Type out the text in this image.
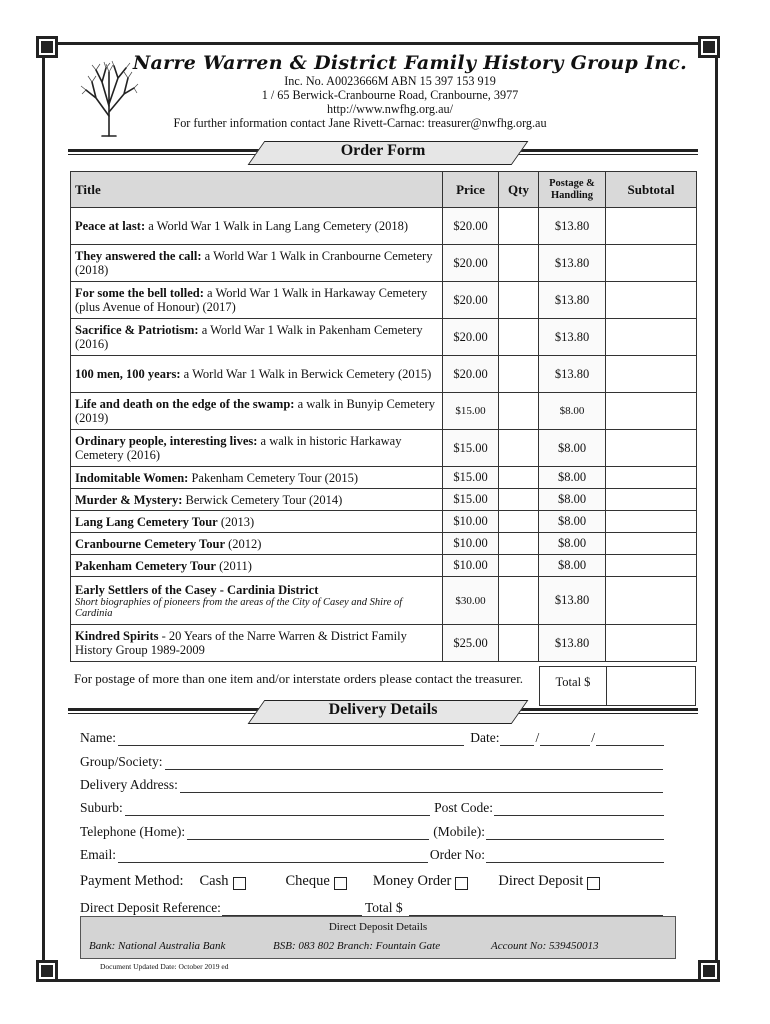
Narre Warren & District Family History Group Inc.
Inc. No. A0023666M ABN 15 397 153 919
1 / 65 Berwick-Cranbourne Road, Cranbourne, 3977
http://www.nwfhg.org.au/
For further information contact Jane Rivett-Carnac: treasurer@nwfhg.org.au
Order Form
Title	Price	Qty	Postage & Handling	Subtotal
Peace at last: a World War 1 Walk in Lang Lang Cemetery (2018)	$20.00		$13.80	
They answered the call: a World War 1 Walk in Cranbourne Cemetery (2018)	$20.00		$13.80	
For some the bell tolled: a World War 1 Walk in Harkaway Cemetery (plus Avenue of Honour) (2017)	$20.00		$13.80	
Sacrifice & Patriotism: a World War 1 Walk in Pakenham Cemetery (2016)	$20.00		$13.80	
100 men, 100 years: a World War 1 Walk in Berwick Cemetery (2015)	$20.00		$13.80	
Life and death on the edge of the swamp: a walk in Bunyip Cemetery (2019)	$15.00		$8.00	
Ordinary people, interesting lives: a walk in historic Harkaway Cemetery (2016)	$15.00		$8.00	
Indomitable Women: Pakenham Cemetery Tour (2015)	$15.00		$8.00	
Murder & Mystery: Berwick Cemetery Tour (2014)	$15.00		$8.00	
Lang Lang Cemetery Tour (2013)	$10.00		$8.00	
Cranbourne Cemetery Tour (2012)	$10.00		$8.00	
Pakenham Cemetery Tour (2011)	$10.00		$8.00	
Early Settlers of the Casey - Cardinia District
Short biographies of pioneers from the areas of the City of Casey and Shire of Cardinia	$30.00		$13.80	
Kindred Spirits - 20 Years of the Narre Warren & District Family History Group 1989-2009	$25.00		$13.80	
For postage of more than one item and/or interstate orders please contact the treasurer.	Total $
Delivery Details
Name:	Date:	/	/
Group/Society:
Delivery Address:
Suburb:	Post Code:
Telephone (Home):	(Mobile):
Email:	Order No:
Payment Method: Cash	Cheque	Money Order	Direct Deposit
Direct Deposit Reference:	Total $
Direct Deposit Details
Bank: National Australia Bank	BSB: 083 802 Branch: Fountain Gate	Account No: 539450013
Document Updated Date: October 2019 ed
